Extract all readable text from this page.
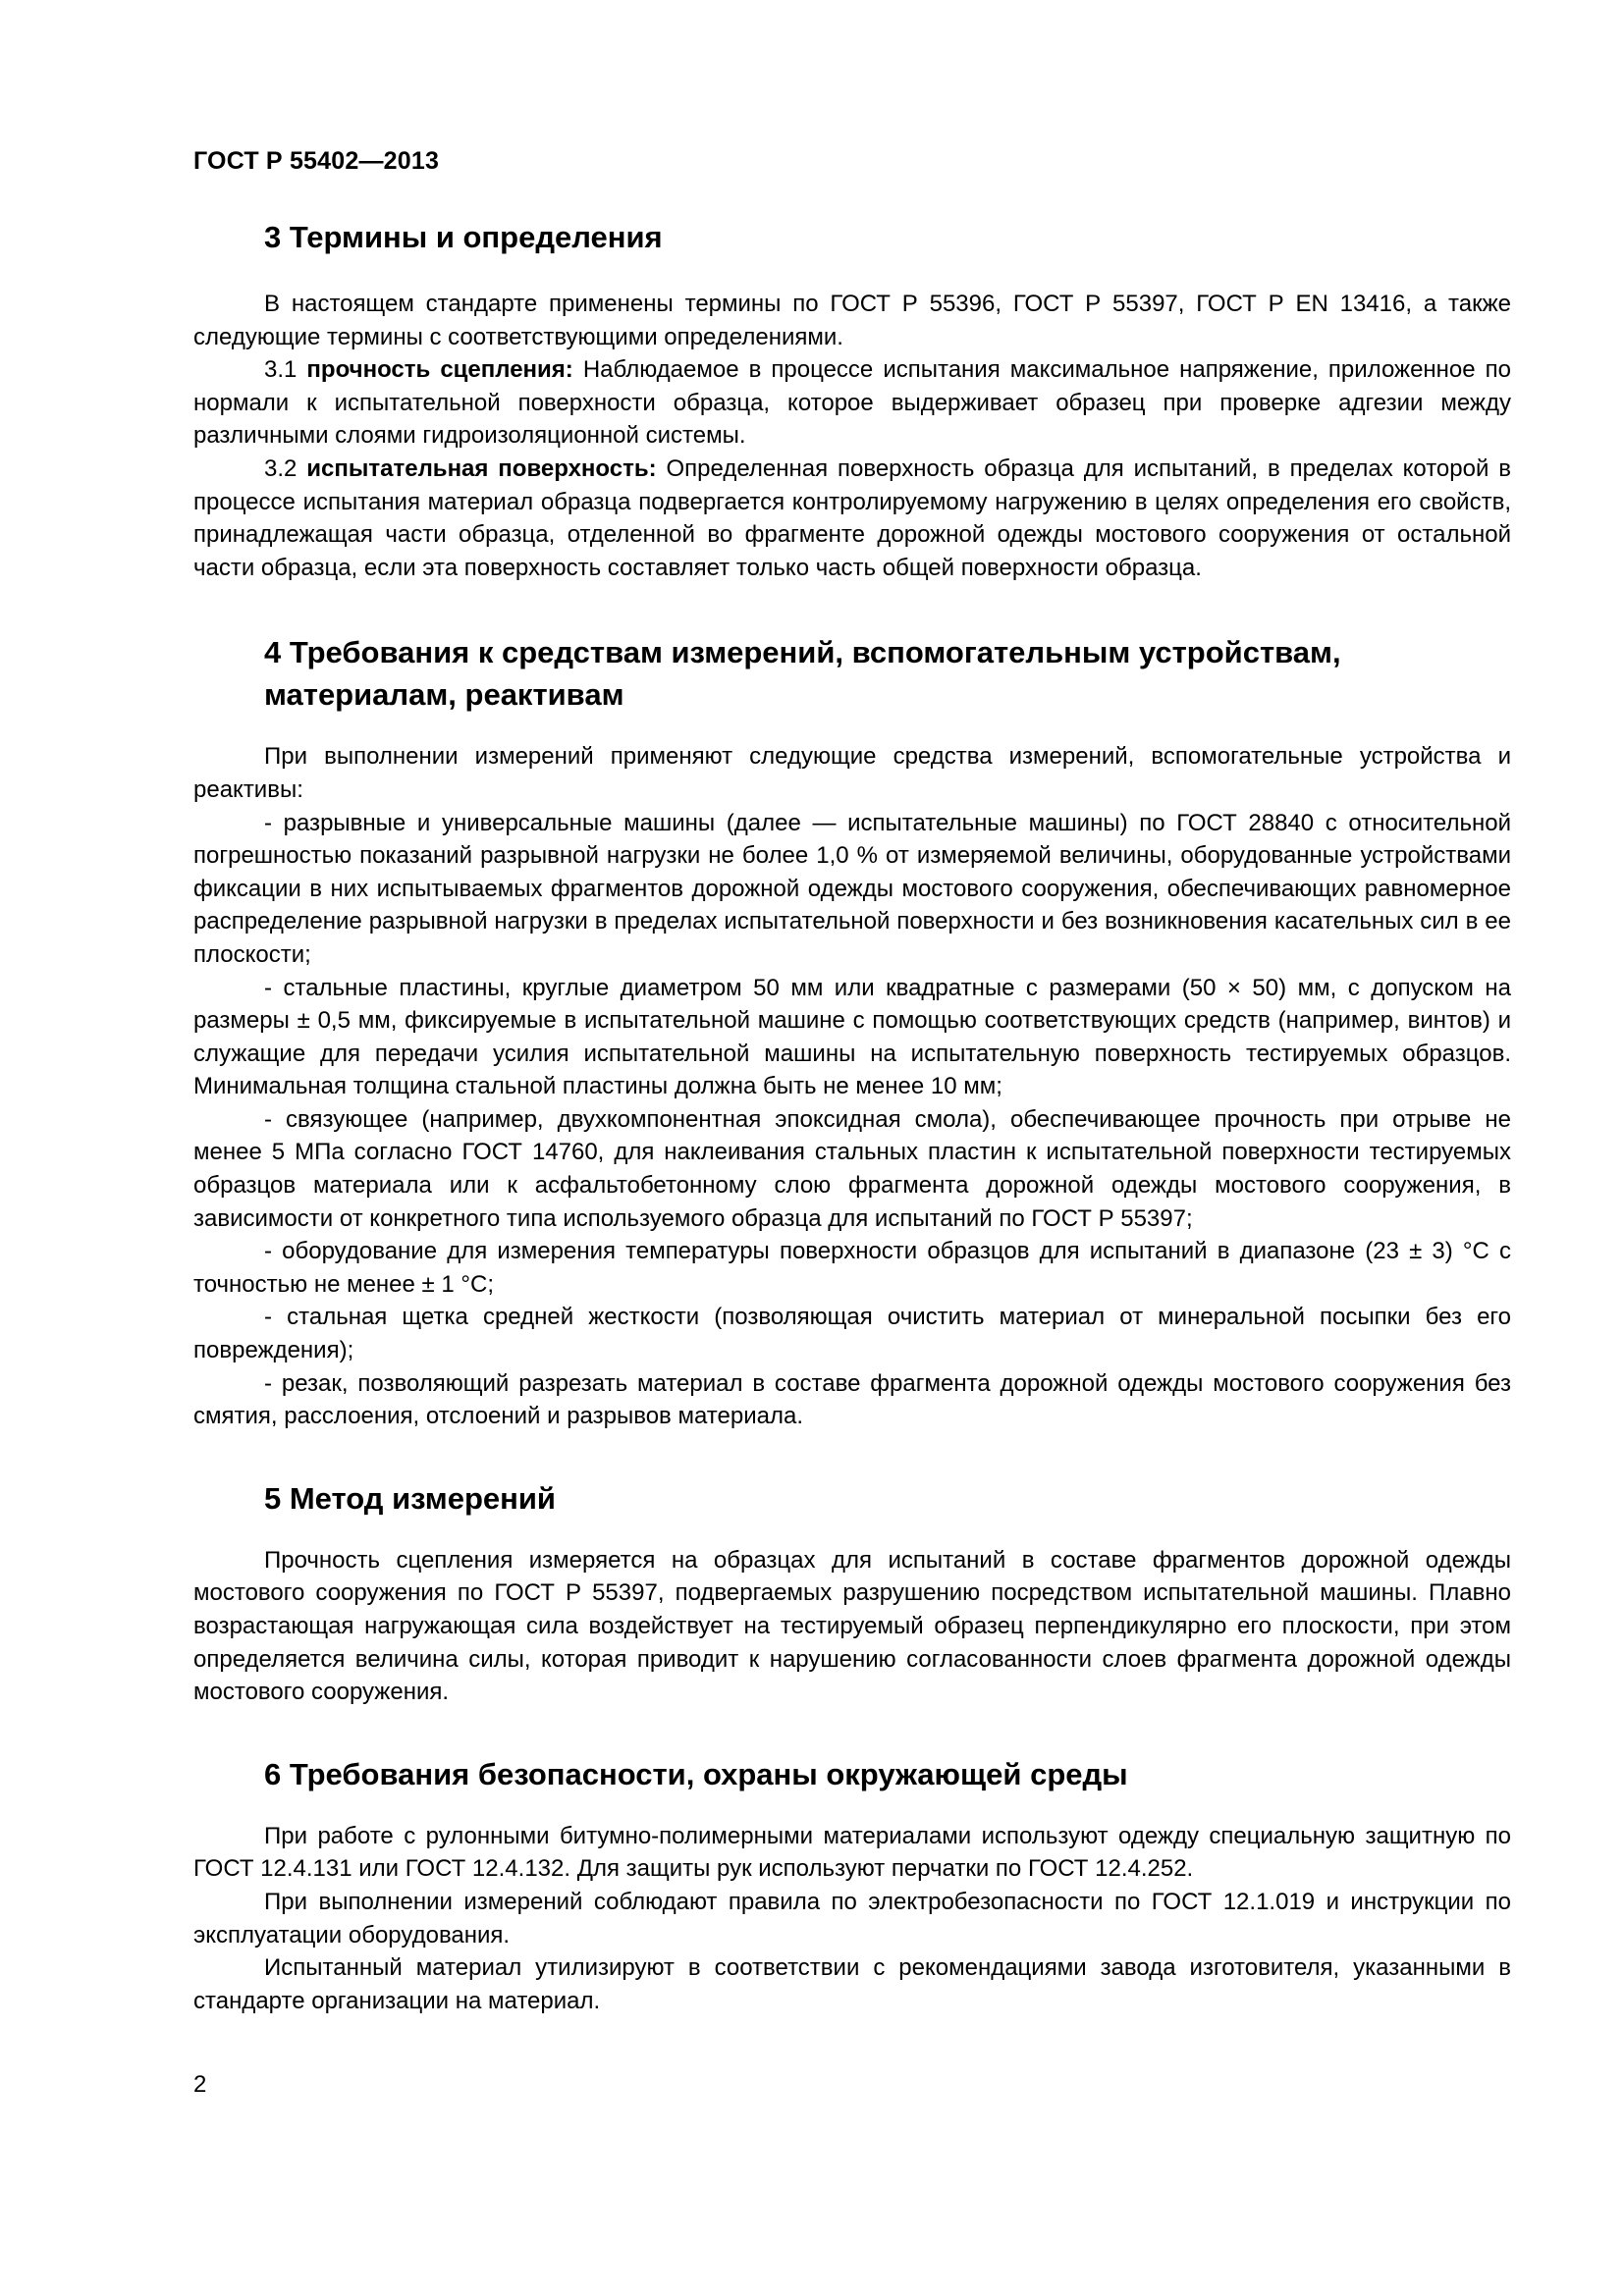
ГОСТ Р 55402—2013
3 Термины и определения

В настоящем стандарте применены термины по ГОСТ Р 55396, ГОСТ Р 55397, ГОСТ Р EN 13416, а также следующие термины с соответствующими определениями.

3.1 прочность сцепления: Наблюдаемое в процессе испытания максимальное напряжение, приложенное по нормали к испытательной поверхности образца, которое выдерживает образец при проверке адгезии между различными слоями гидроизоляционной системы.

3.2 испытательная поверхность: Определенная поверхность образца для испытаний, в пределах которой в процессе испытания материал образца подвергается контролируемому нагружению в целях определения его свойств, принадлежащая части образца, отделенной во фрагменте дорожной одежды мостового сооружения от остальной части образца, если эта поверхность составляет только часть общей поверхности образца.

4 Требования к средствам измерений, вспомогательным устройствам,
материалам, реактивам

При выполнении измерений применяют следующие средства измерений, вспомогательные устройства и реактивы:

- разрывные и универсальные машины (далее — испытательные машины) по ГОСТ 28840 с относительной погрешностью показаний разрывной нагрузки не более 1,0 % от измеряемой величины, оборудованные устройствами фиксации в них испытываемых фрагментов дорожной одежды мостового сооружения, обеспечивающих равномерное распределение разрывной нагрузки в пределах испытательной поверхности и без возникновения касательных сил в ее плоскости;

- стальные пластины, круглые диаметром 50 мм или квадратные с размерами (50 × 50) мм, с допуском на размеры ± 0,5 мм, фиксируемые в испытательной машине с помощью соответствующих средств (например, винтов) и служащие для передачи усилия испытательной машины на испытательную поверхность тестируемых образцов. Минимальная толщина стальной пластины должна быть не менее 10 мм;

- связующее (например, двухкомпонентная эпоксидная смола), обеспечивающее прочность при отрыве не менее 5 МПа согласно ГОСТ 14760, для наклеивания стальных пластин к испытательной поверхности тестируемых образцов материала или к асфальтобетонному слою фрагмента дорожной одежды мостового сооружения, в зависимости от конкретного типа используемого образца для испытаний по ГОСТ Р 55397;

- оборудование для измерения температуры поверхности образцов для испытаний в диапазоне (23 ± 3) °С с точностью не менее ± 1 °С;

- стальная щетка средней жесткости (позволяющая очистить материал от минеральной посыпки без его повреждения);

- резак, позволяющий разрезать материал в составе фрагмента дорожной одежды мостового сооружения без смятия, расслоения, отслоений и разрывов материала.

5 Метод измерений

Прочность сцепления измеряется на образцах для испытаний в составе фрагментов дорожной одежды мостового сооружения по ГОСТ Р 55397, подвергаемых разрушению посредством испытательной машины. Плавно возрастающая нагружающая сила воздействует на тестируемый образец перпендикулярно его плоскости, при этом определяется величина силы, которая приводит к нарушению согласованности слоев фрагмента дорожной одежды мостового сооружения.

6 Требования безопасности, охраны окружающей среды

При работе с рулонными битумно-полимерными материалами используют одежду специальную защитную по ГОСТ 12.4.131 или ГОСТ 12.4.132. Для защиты рук используют перчатки по ГОСТ 12.4.252.

При выполнении измерений соблюдают правила по электробезопасности по ГОСТ 12.1.019 и инструкции по эксплуатации оборудования.

Испытанный материал утилизируют в соответствии с рекомендациями завода изготовителя, указанными в стандарте организации на материал.

2
